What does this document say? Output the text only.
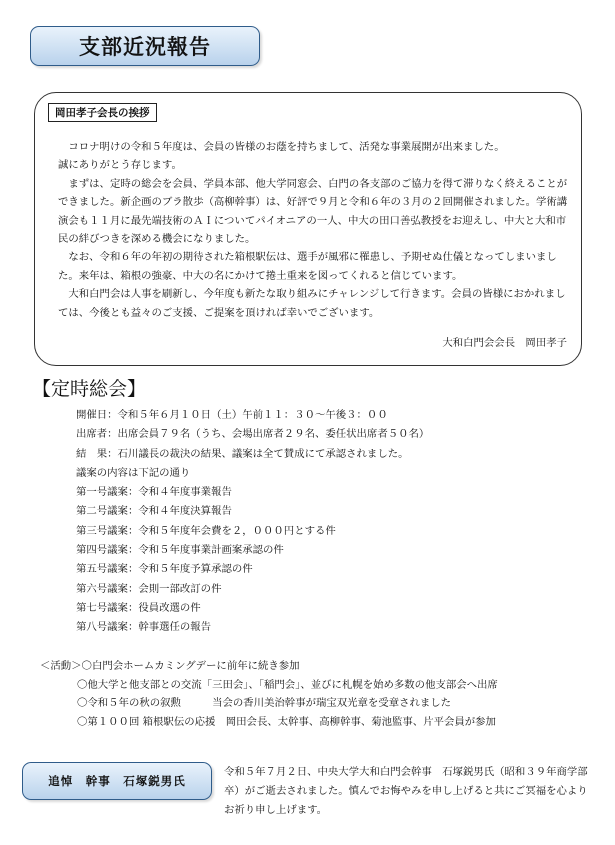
支部近況報告
岡田孝子会長の挨拶

コロナ明けの令和５年度は、会員の皆様のお蔭を持ちまして、活発な事業展開が出来ました。

誠にありがとう存じます。

まずは、定時の総会を会員、学員本部、他大学同窓会、白門の各支部のご協力を得て滞りなく終えることができました。新企画のブラ散歩（高柳幹事）は、好評で９月と令和６年の３月の２回開催されました。学術講演会も１１月に最先端技術のＡＩについてパイオニアの一人、中大の田口善弘教授をお迎えし、中大と大和市民の絆びつきを深める機会になりました。

なお、令和６年の年初の期待された箱根駅伝は、選手が風邪に罹患し、予期せぬ仕儀となってしまいました。来年は、箱根の強豪、中大の名にかけて捲土重来を図ってくれると信じています。

大和白門会は人事を刷新し、今年度も新たな取り組みにチャレンジして行きます。会員の皆様におかれましては、今後とも益々のご支援、ご提案を頂ければ幸いでございます。

大和白門会会長　岡田孝子
【定時総会】
開催日：令和５年６月１０日（土）午前１１：３０～午後３：００
出席者：出席会員７９名（うち、会場出席者２９名、委任状出席者５０名）
結　果：石川議長の裁決の結果、議案は全て賛成にて承認されました。
議案の内容は下記の通り
第一号議案：令和４年度事業報告
第二号議案：令和４年度決算報告
第三号議案：令和５年度年会費を２，０００円とする件
第四号議案：令和５年度事業計画案承認の件
第五号議案：令和５年度予算承認の件
第六号議案：会則一部改訂の件
第七号議案：役員改選の件
第八号議案：幹事選任の報告
＜活動＞〇白門会ホームカミングデーに前年に続き参加
〇他大学と他支部との交流「三田会」、「稲門会」、並びに札幌を始め多数の他支部会へ出席
〇令和５年の秋の叙勲　　　当会の香川美治幹事が瑞宝双光章を受章されました
〇第１００回 箱根駅伝の応援　岡田会長、太幹事、高柳幹事、菊池監事、片平会員が参加
追悼　幹事　石塚鋭男氏
令和５年７月２日、中央大学大和白門会幹事　石塚鋭男氏（昭和３９年商学部卒）がご逝去されました。慎んでお悔やみを申し上げると共にご冥福を心よりお祈り申し上げます。
